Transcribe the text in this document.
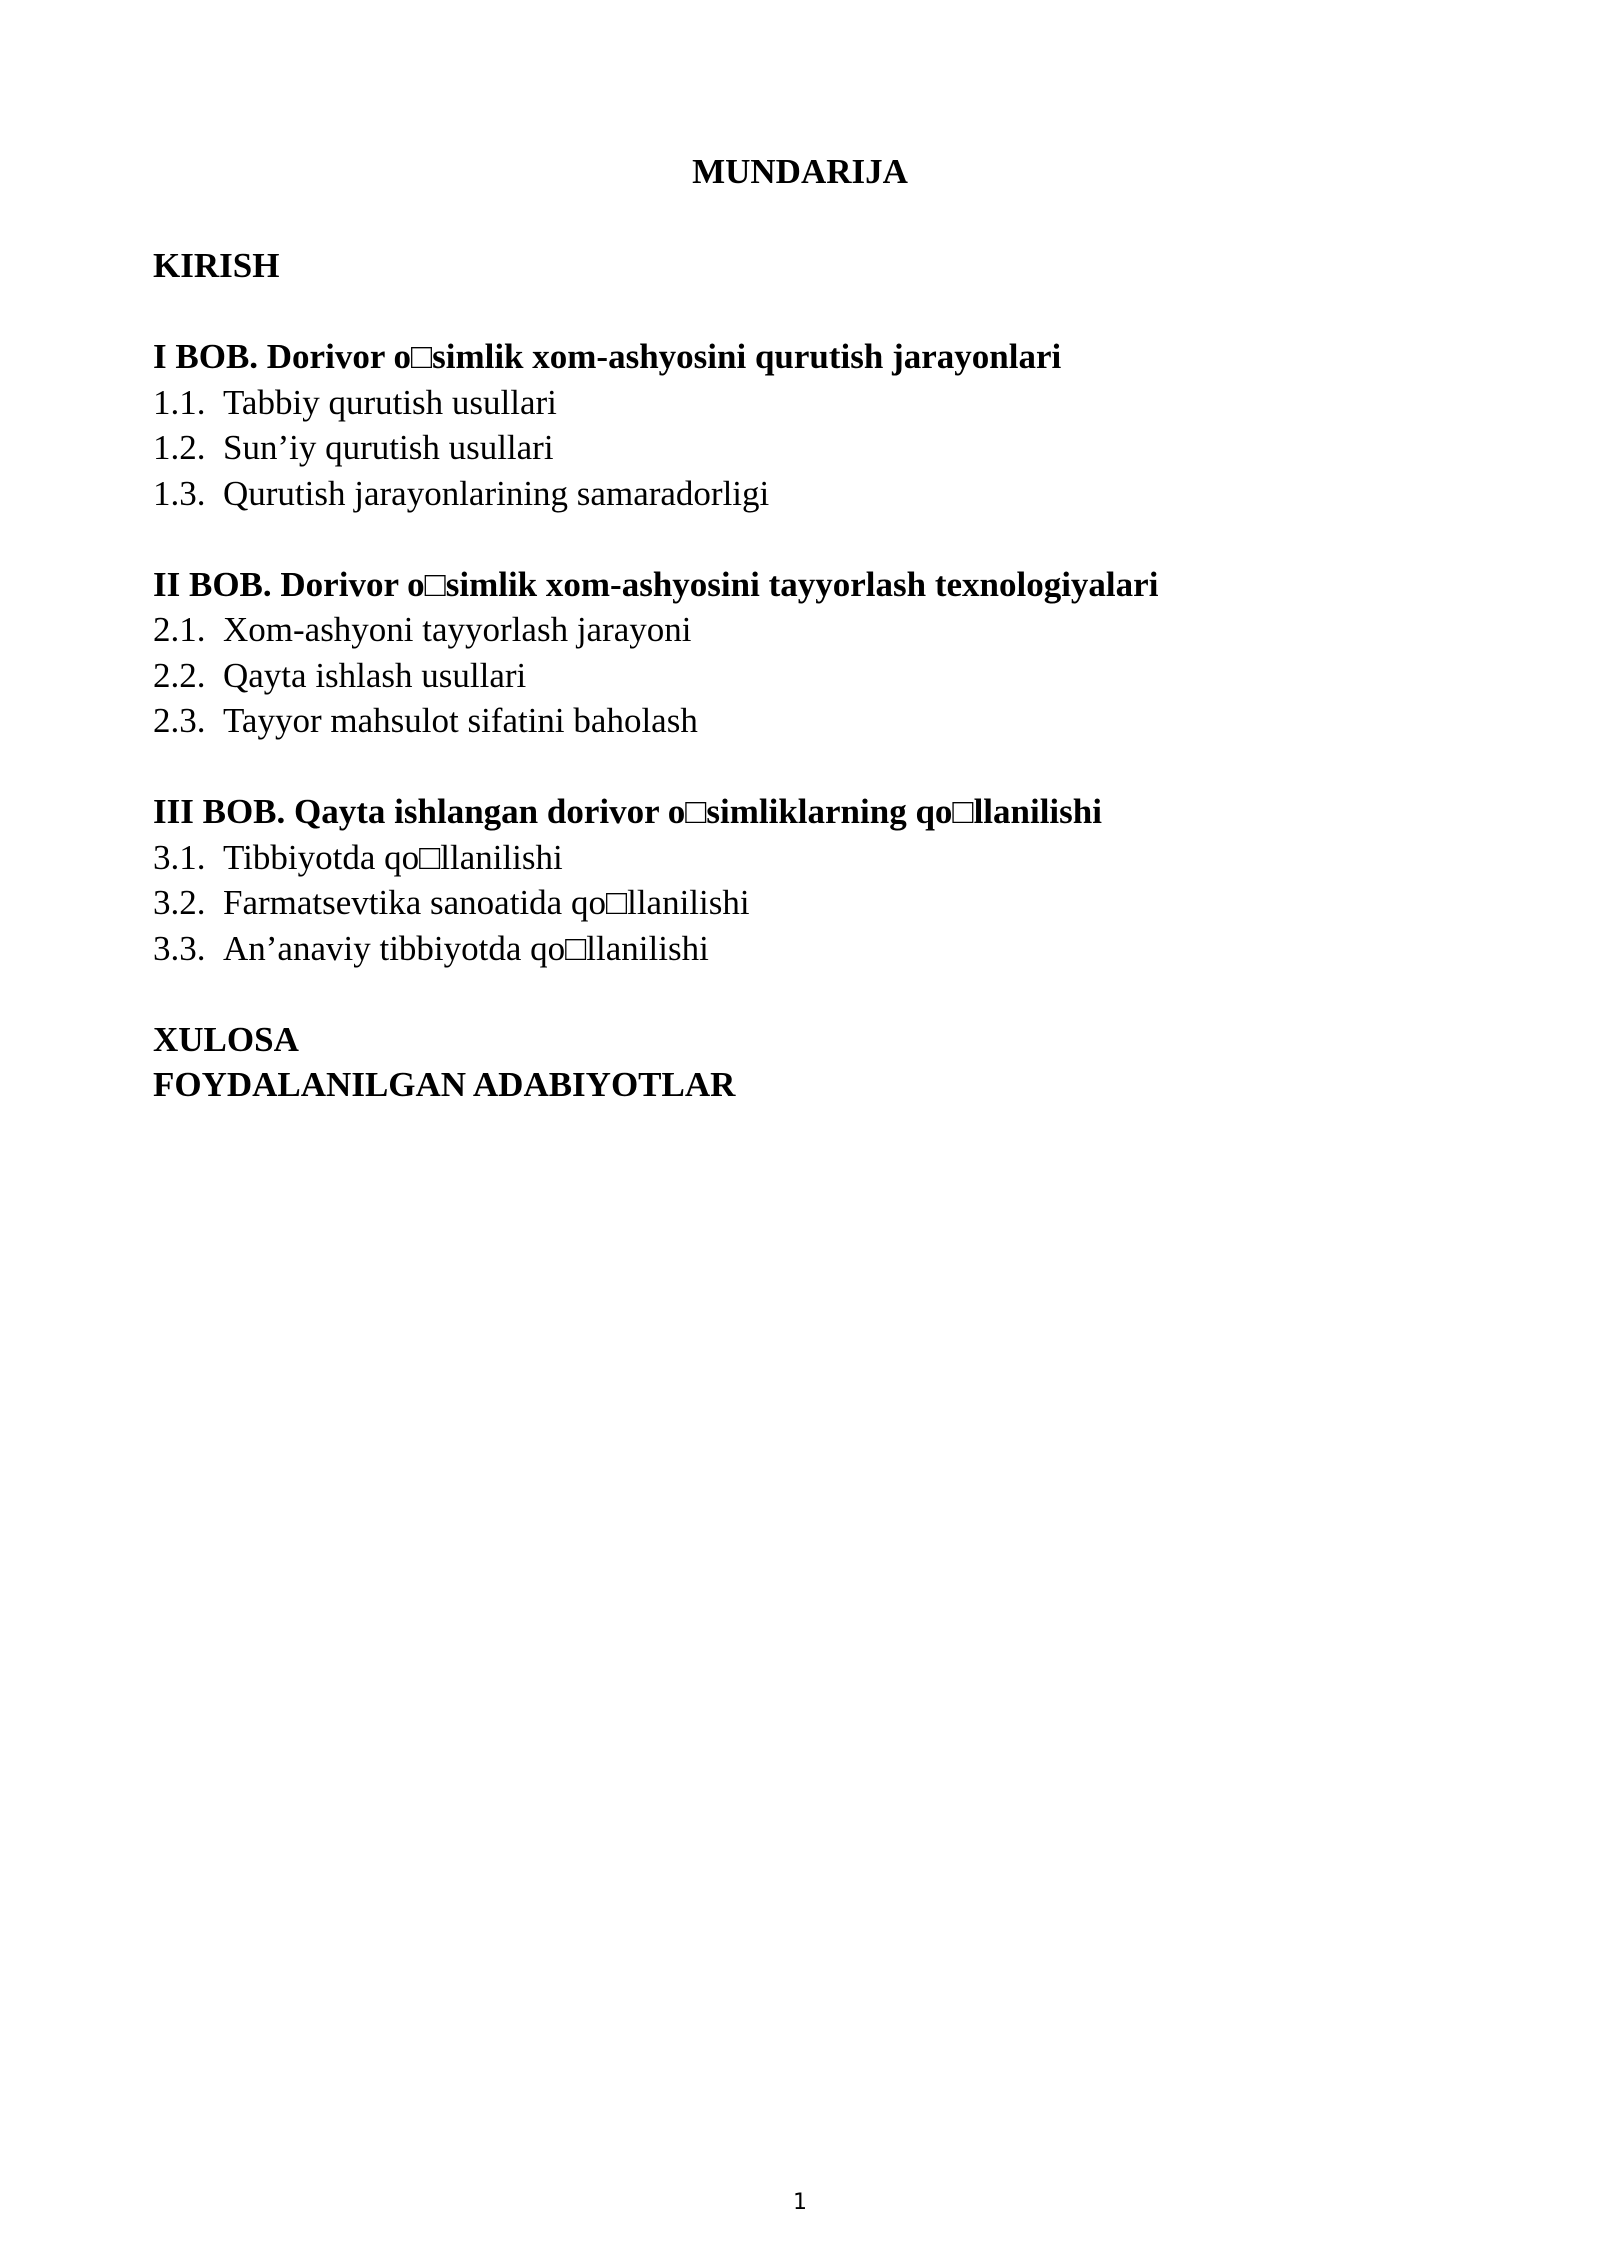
MUNDARIJA
KIRISH
I BOB. Dorivor o□simlik xom-ashyosini qurutish jarayonlari
1.1. Tabbiy qurutish usullari
1.2. Sun’iy qurutish usullari
1.3. Qurutish jarayonlarining samaradorligi
II BOB. Dorivor o□simlik xom-ashyosini tayyorlash texnologiyalari
2.1. Xom-ashyoni tayyorlash jarayoni
2.2. Qayta ishlash usullari
2.3. Tayyor mahsulot sifatini baholash
III BOB. Qayta ishlangan dorivor o□simliklarning qo□llanilishi
3.1. Tibbiyotda qo□llanilishi
3.2. Farmatsevtika sanoatida qo□llanilishi
3.3. An’anaviy tibbiyotda qo□llanilishi
XULOSA
FOYDALANILGAN ADABIYOTLAR
1
